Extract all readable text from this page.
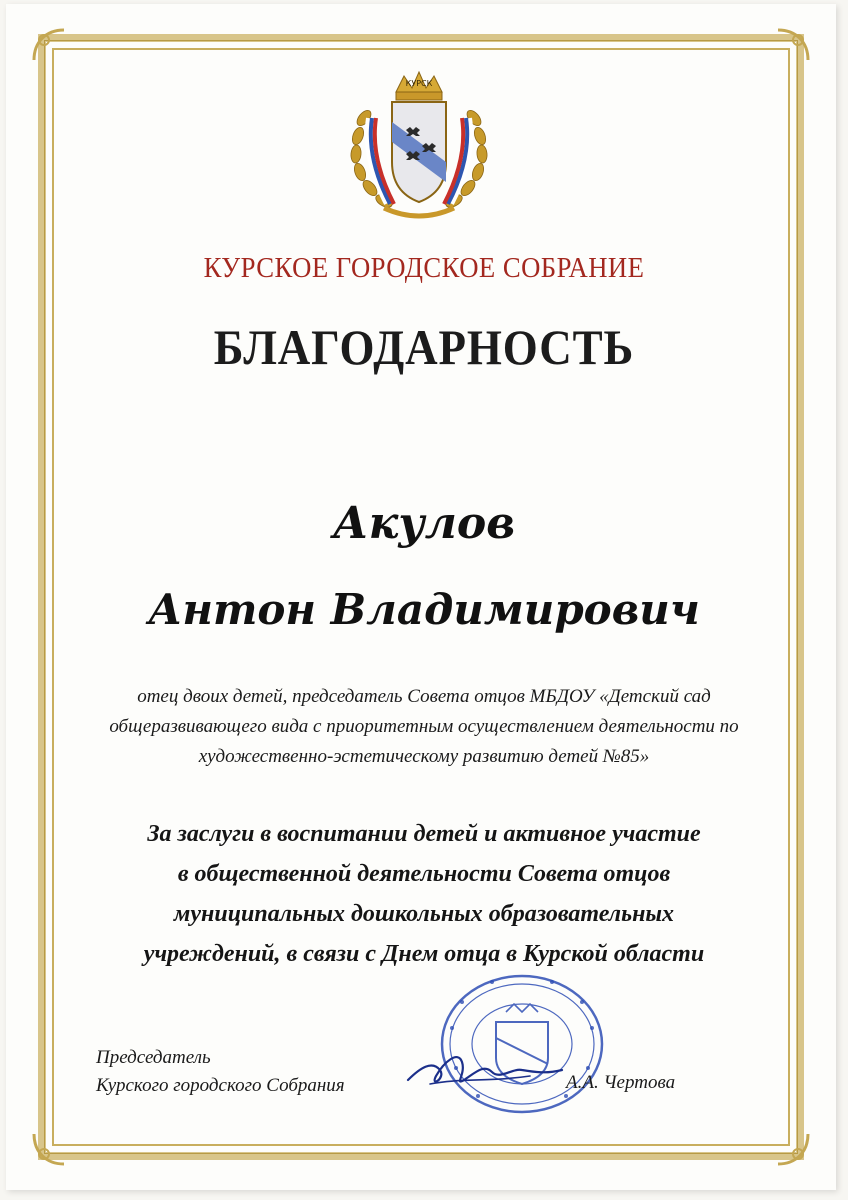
КУРСК
КУРСКОЕ ГОРОДСКОЕ СОБРАНИЕ
БЛАГОДАРНОСТЬ
Акулов
Антон Владимирович
отец двоих детей, председатель Совета отцов МБДОУ «Детский сад
общеразвивающего вида с приоритетным осуществлением деятельности по
художественно-эстетическому развитию детей №85»
За заслуги в воспитании детей и активное участие
в общественной деятельности Совета отцов
муниципальных дошкольных образовательных
учреждений, в связи с Днем отца в Курской области
Председатель
Курского городского Собрания	А.А. Чертова
